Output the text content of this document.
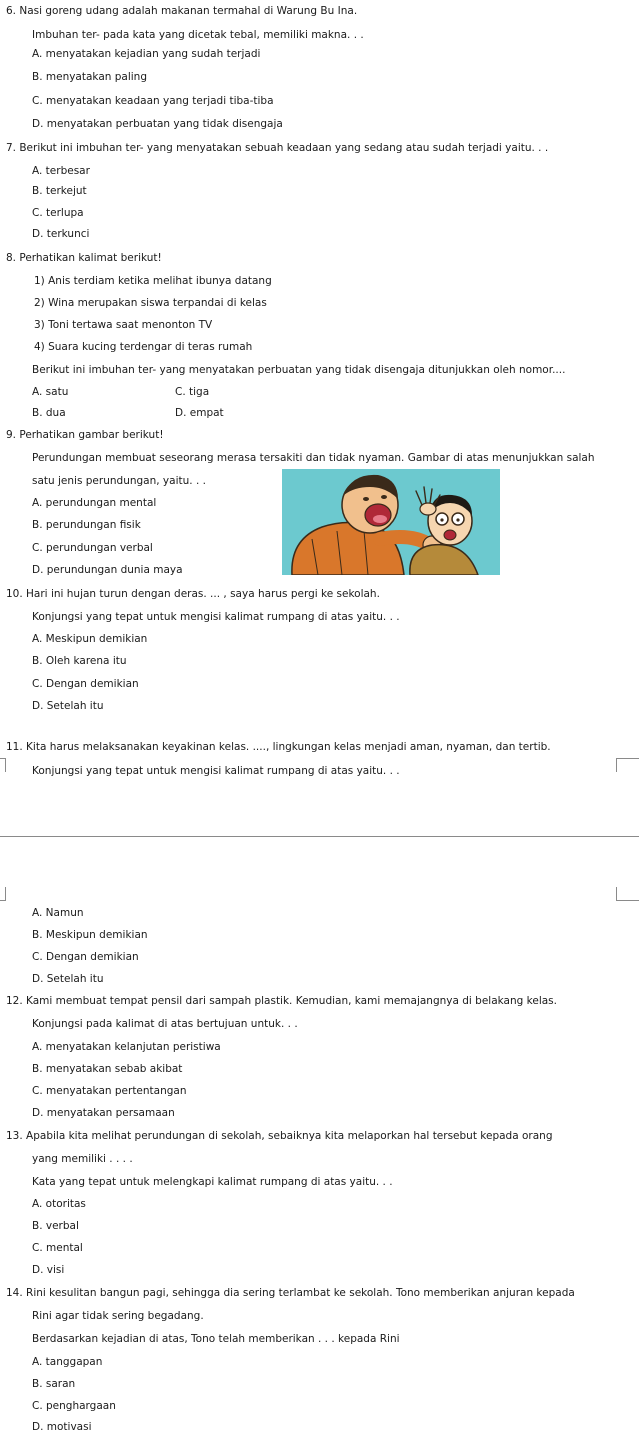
6. Nasi goreng udang adalah makanan termahal di Warung Bu Ina.
Imbuhan ter- pada kata yang dicetak tebal, memiliki makna. . .
A. menyatakan kejadian yang sudah terjadi
B. menyatakan paling
C. menyatakan keadaan yang terjadi tiba-tiba
D. menyatakan perbuatan yang tidak disengaja
7. Berikut ini imbuhan ter- yang menyatakan sebuah keadaan yang sedang atau sudah terjadi yaitu. . .
A. terbesar
B. terkejut
C. terlupa
D. terkunci
8. Perhatikan kalimat berikut!
1) Anis terdiam ketika melihat ibunya datang
2) Wina merupakan siswa terpandai di kelas
3) Toni tertawa saat menonton TV
4) Suara kucing terdengar di teras rumah
Berikut ini imbuhan ter- yang menyatakan perbuatan yang tidak disengaja ditunjukkan oleh nomor....
A. satu
B. dua
C. tiga
D. empat
9. Perhatikan gambar berikut!
Perundungan membuat seseorang merasa tersakiti dan tidak nyaman. Gambar di atas menunjukkan salah
satu jenis perundungan, yaitu. . .
A. perundungan mental
B. perundungan fisik
C. perundungan verbal
D. perundungan dunia maya
10. Hari ini hujan turun dengan deras. ... , saya harus pergi ke sekolah.
Konjungsi yang tepat untuk mengisi kalimat rumpang di atas yaitu. . .
A. Meskipun demikian
B. Oleh karena itu
C. Dengan demikian
D. Setelah itu
11. Kita harus melaksanakan keyakinan kelas. ...., lingkungan kelas menjadi aman, nyaman, dan tertib.
Konjungsi yang tepat untuk mengisi kalimat rumpang di atas yaitu. . .
A. Namun
B. Meskipun demikian
C. Dengan demikian
D. Setelah itu
12. Kami membuat tempat pensil dari sampah plastik. Kemudian, kami memajangnya di belakang kelas.
Konjungsi pada kalimat di atas bertujuan untuk. . .
A. menyatakan kelanjutan peristiwa
B. menyatakan sebab akibat
C. menyatakan pertentangan
D. menyatakan persamaan
13. Apabila kita melihat perundungan di sekolah, sebaiknya kita melaporkan hal tersebut kepada orang
yang memiliki . . . .
Kata yang tepat untuk melengkapi kalimat rumpang di atas yaitu. . .
A. otoritas
B. verbal
C. mental
D. visi
14. Rini kesulitan bangun pagi, sehingga dia sering terlambat ke sekolah. Tono memberikan anjuran kepada
Rini agar tidak sering begadang.
Berdasarkan kejadian di atas, Tono telah memberikan . . . kepada Rini
A. tanggapan
B. saran
C. penghargaan
D. motivasi
